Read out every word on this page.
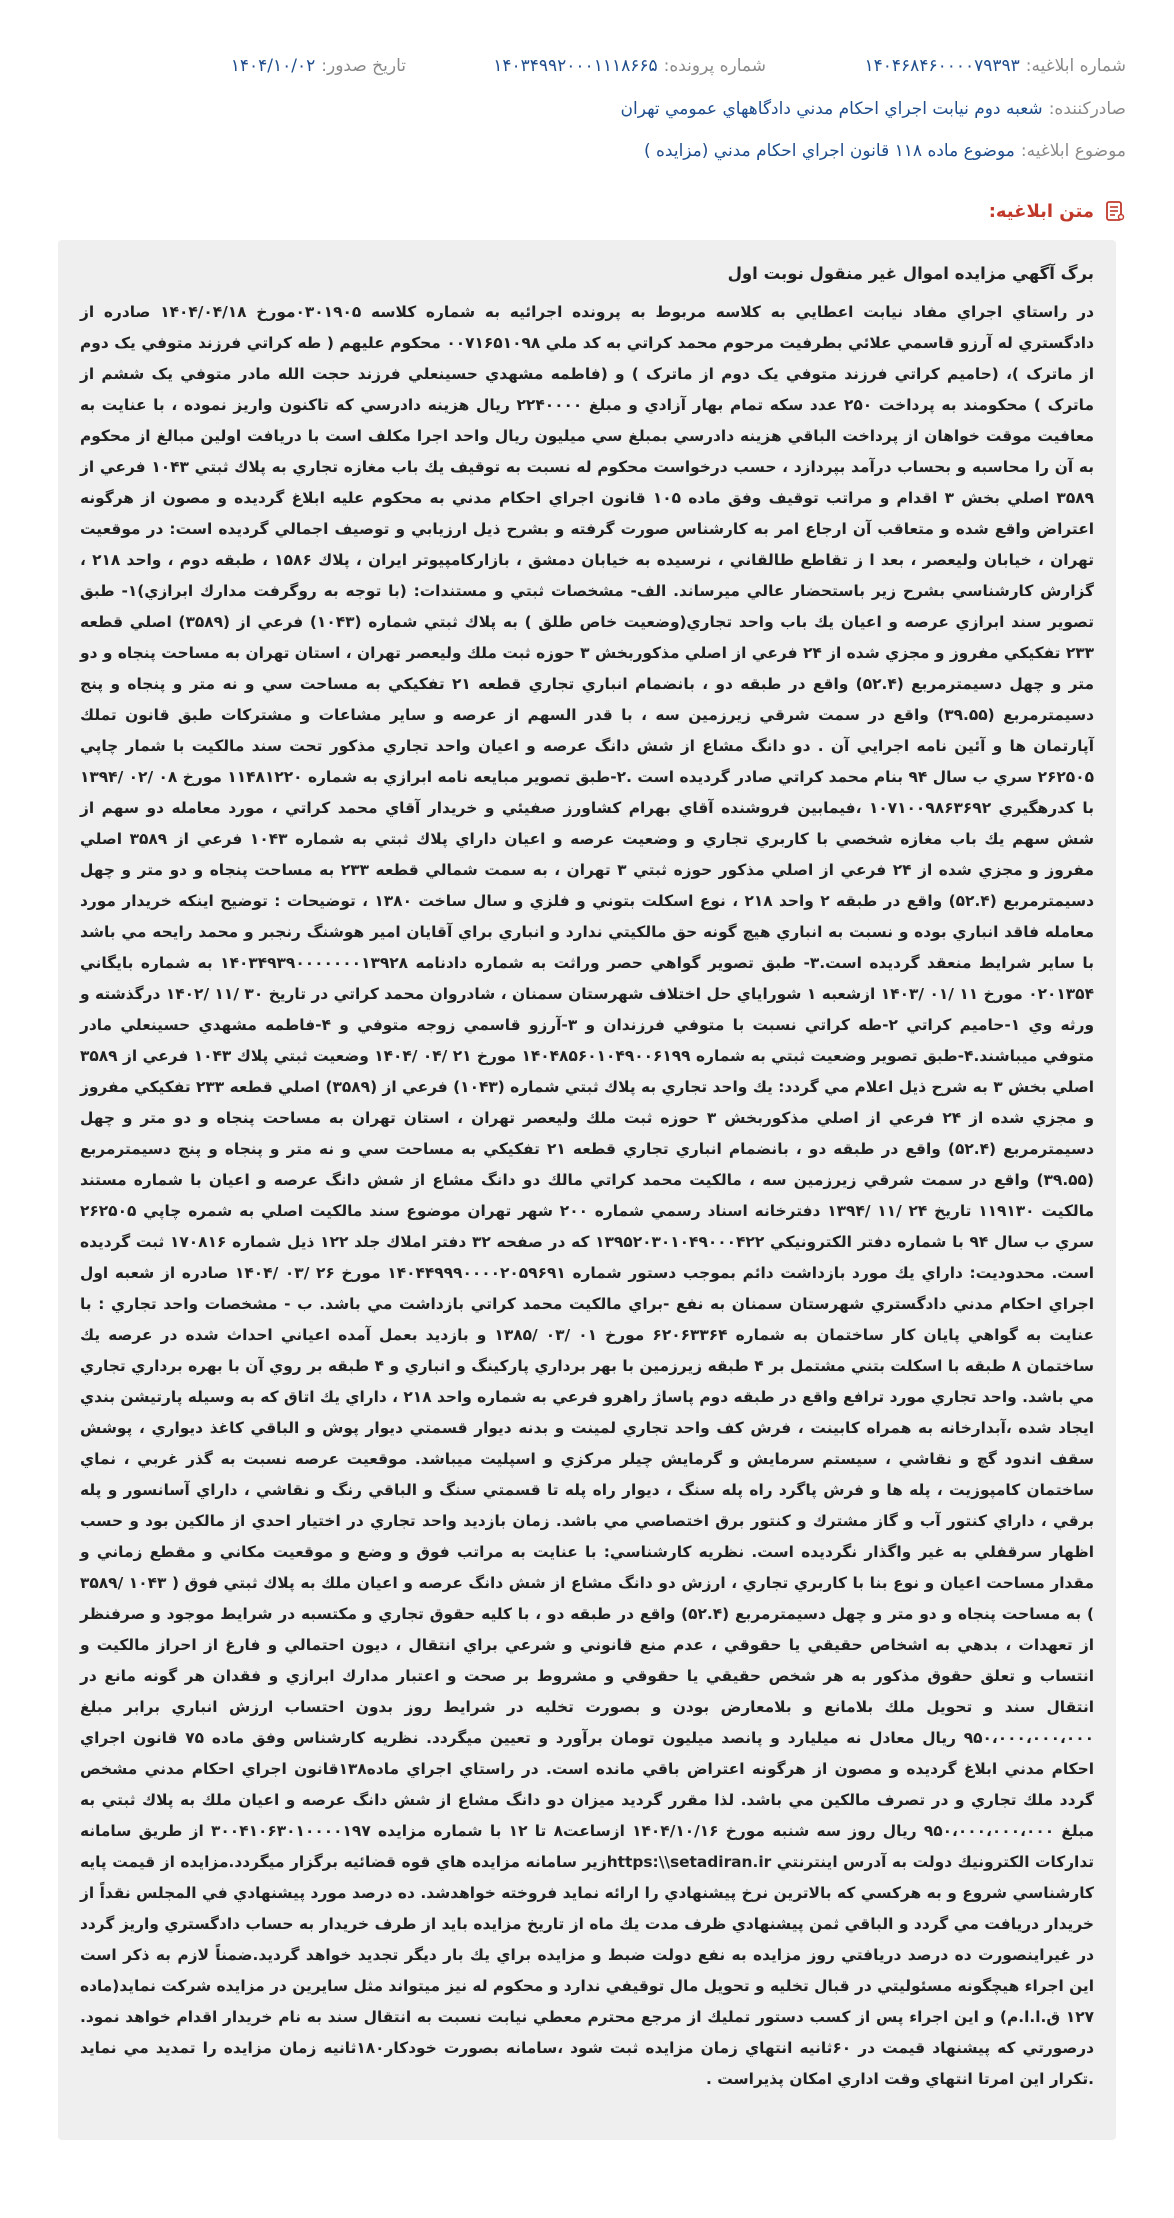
شماره ابلاغيه:
۱۴۰۴۶۸۴۶۰۰۰۰۷۹۳۹۳
شماره پرونده:
۱۴۰۳۴۹۹۲۰۰۰۱۱۱۸۶۶۵
تاريخ صدور:
۱۴۰۴/۱۰/۰۲
صادركننده:
شعبه دوم نيابت اجراي احكام مدني دادگاههاي عمومي تهران
موضوع ابلاغيه:
موضوع ماده ۱۱۸ قانون اجراي احكام مدني (مزايده )
متن ابلاغيه:
برگ آگهي مزايده اموال غير منقول نوبت اول
در راستاي اجراي مفاد نيابت اعطايي به كلاسه مربوط به پرونده اجرائيه به شماره كلاسه ۰۳۰۱۹۰۵مورخ ۱۴۰۴/۰۴/۱۸ صادره از دادگستري له آرزو قاسمي علائي بطرفيت مرحوم محمد كراتي به كد ملي ۰۰۷۱۶۵۱۰۹۸ محكوم عليهم ( طه كراتي فرزند متوفي يک دوم از ماترک )، (حاميم كراتي فرزند متوفي يک دوم از ماترک ) و (فاطمه مشهدي حسينعلي فرزند حجت الله مادر متوفي يک ششم از ماترک ) محكومند به پرداخت ۲۵۰ عدد سكه تمام بهار آزادي و مبلغ ۲۲۴۰۰۰۰ ريال هزينه دادرسي كه تاكنون واريز نموده ، با عنايت به معافيت موقت خواهان از پرداخت الباقي هزينه دادرسي بمبلغ سي ميليون ريال واحد اجرا مكلف است با دريافت اولين مبالغ از محكوم به آن را محاسبه و بحساب درآمد بپردازد ، حسب درخواست محكوم له نسبت به توقيف يك باب مغازه تجاري به پلاك ثبتي ۱۰۴۳ فرعي از ۳۵۸۹ اصلي بخش ۳ اقدام و مراتب توقيف وفق ماده ۱۰۵ قانون اجراي احكام مدني به محكوم عليه ابلاغ گرديده و مصون از هرگونه اعتراض واقع شده و متعاقب آن ارجاع امر به كارشناس صورت گرفته و بشرح ذيل ارزيابي و توصيف اجمالي گرديده است: در موقعيت تهران ، خيابان وليعصر ، بعد ا ز تقاطع طالقاني ، نرسيده به خيابان دمشق ، بازاركامپيوتر ايران ، پلاك ۱۵۸۶ ، طبقه دوم ، واحد ۲۱۸ ، گزارش كارشناسي بشرح زير باستحضار عالي ميرساند. الف- مشخصات ثبتي و مستندات: (با توجه به روگرفت مدارك ابرازي)۱- طبق تصوير سند ابرازي عرصه و اعيان يك باب واحد تجاري(وضعيت خاص طلق ) به پلاك ثبتي شماره (۱۰۴۳) فرعي از (۳۵۸۹) اصلي قطعه ۲۳۳ تفكيكي مفروز و مجزي شده از ۲۴ فرعي از اصلي مذكوربخش ۳ حوزه ثبت ملك وليعصر تهران ، استان تهران به مساحت پنجاه و دو متر و چهل دسيمترمربع (۵۲.۴) واقع در طبقه دو ، بانضمام انباري تجاري قطعه ۲۱ تفكيكي به مساحت سي و نه متر و پنجاه و پنج دسيمترمربع (۳۹.۵۵) واقع در سمت شرقي زيرزمين سه ، با قدر السهم از عرصه و ساير مشاعات و مشتركات طبق قانون تملك آپارتمان ها و آئين نامه اجرايي آن . دو دانگ مشاع از شش دانگ عرصه و اعيان واحد تجاري مذكور تحت سند مالكيت با شمار چاپي ۲۶۲۵۰۵ سري ب سال ۹۴ بنام محمد كراتي صادر گرديده است .۲-طبق تصوير مبايعه نامه ابرازي به شماره ۱۱۴۸۱۲۲۰ مورخ ۰۸ /۰۲ /۱۳۹۴ با كدرهگيري ۱۰۷۱۰۰۹۸۶۳۶۹۲ ،فيمابين فروشنده آقاي بهرام كشاورز صفيئي و خريدار آقاي محمد كراتي ، مورد معامله دو سهم از شش سهم يك باب مغازه شخصي با كاربري تجاري و وضعيت عرصه و اعيان داراي پلاك ثبتي به شماره ۱۰۴۳ فرعي از ۳۵۸۹ اصلي مفروز و مجزي شده از ۲۴ فرعي از اصلي مذكور حوزه ثبتي ۳ تهران ، به سمت شمالي قطعه ۲۳۳ به مساحت پنجاه و دو متر و چهل دسيمترمربع (۵۲.۴) واقع در طبقه ۲ واحد ۲۱۸ ، نوع اسكلت بتوني و فلزي و سال ساخت ۱۳۸۰ ، توضيحات : توضيح اينكه خريدار مورد معامله فاقد انباري بوده و نسبت به انباري هيچ گونه حق مالكيتي ندارد و انباري براي آقايان امير هوشنگ رنجبر و محمد رايحه مي باشد با ساير شرايط منعقد گرديده است.۳- طبق تصوير گواهي حصر وراثت به شماره دادنامه ۱۴۰۳۴۹۳۹۰۰۰۰۰۰۰۱۳۹۲۸ به شماره بايگاني ۰۲۰۱۳۵۴ مورخ ۱۱ /۰۱ /۱۴۰۳ ازشعبه ۱ شوراياي حل اختلاف شهرستان سمنان ، شادروان محمد كراتي در تاريخ ۳۰ /۱۱ /۱۴۰۲ درگذشته و ورثه وي ۱-حاميم كراتي ۲-طه كراتي نسبت با متوفي فرزندان و ۳-آرزو قاسمي زوجه متوفي و ۴-فاطمه مشهدي حسينعلي مادر متوفي ميباشند.۴-طبق تصوير وضعيت ثبتي به شماره ۱۴۰۴۸۵۶۰۱۰۴۹۰۰۶۱۹۹ مورخ ۲۱ /۰۴ /۱۴۰۴ وضعيت ثبتي پلاك ۱۰۴۳ فرعي از ۳۵۸۹ اصلي بخش ۳ به شرح ذيل اعلام مي گردد: يك واحد تجاري به پلاك ثبتي شماره (۱۰۴۳) فرعي از (۳۵۸۹) اصلي قطعه ۲۳۳ تفكيكي مفروز و مجزي شده از ۲۴ فرعي از اصلي مذكوربخش ۳ حوزه ثبت ملك وليعصر تهران ، استان تهران به مساحت پنجاه و دو متر و چهل دسيمترمربع (۵۲.۴) واقع در طبقه دو ، بانضمام انباري تجاري قطعه ۲۱ تفكيكي به مساحت سي و نه متر و پنجاه و پنج دسيمترمربع (۳۹.۵۵) واقع در سمت شرقي زيرزمين سه ، مالكيت محمد كراتي مالك دو دانگ مشاع از شش دانگ عرصه و اعيان با شماره مستند مالكيت ۱۱۹۱۳۰ تاريخ ۲۴ /۱۱ /۱۳۹۴ دفترخانه اسناد رسمي شماره ۲۰۰ شهر تهران موضوع سند مالكيت اصلي به شمره چاپي ۲۶۲۵۰۵ سري ب سال ۹۴ با شماره دفتر الكترونيكي ۱۳۹۵۲۰۳۰۱۰۴۹۰۰۰۴۲۲ كه در صفحه ۳۲ دفتر املاك جلد ۱۲۲ ذيل شماره ۱۷۰۸۱۶ ثبت گرديده است. محدوديت: داراي يك مورد بازداشت دائم بموجب دستور شماره ۱۴۰۴۴۹۹۹۰۰۰۰۲۰۵۹۶۹۱ مورخ ۲۶ /۰۳ /۱۴۰۴ صادره از شعبه اول اجراي احكام مدني دادگستري شهرستان سمنان به نفع -براي مالكيت محمد كراتي بازداشت مي باشد. ب - مشخصات واحد تجاري : با عنايت به گواهي پايان كار ساختمان به شماره ۶۲۰۶۳۳۶۴ مورخ ۰۱ /۰۳ /۱۳۸۵ و بازديد بعمل آمده اعياني احداث شده در عرصه يك ساختمان ۸ طبقه با اسكلت بتني مشتمل بر ۴ طبقه زيرزمين با بهر برداري پاركينگ و انباري و ۴ طبقه بر روي آن با بهره برداري تجاري مي باشد. واحد تجاري مورد ترافع واقع در طبقه دوم پاساژ راهرو فرعي به شماره واحد ۲۱۸ ، داراي يك اتاق كه به وسيله پارتيشن بندي ايجاد شده ،آبدارخانه به همراه كابينت ، فرش كف واحد تجاري لمينت و بدنه ديوار قسمتي ديوار پوش و الباقي كاغذ ديواري ، پوشش سقف اندود گچ و نقاشي ، سيستم سرمايش و گرمايش چيلر مركزي و اسپليت ميباشد. موقعيت عرصه نسبت به گذر غربي ، نماي ساختمان كامپوزيت ، پله ها و فرش پاگرد راه پله سنگ ، ديوار راه پله تا قسمتي سنگ و الباقي رنگ و نقاشي ، داراي آسانسور و پله برقي ، داراي كنتور آب و گاز مشترك و كنتور برق اختصاصي مي باشد. زمان بازديد واحد تجاري در اختيار احدي از مالكين بود و حسب اظهار سرقفلي به غير واگذار نگرديده است. نظريه كارشناسي: با عنايت به مراتب فوق و وضع و موقعيت مكاني و مقطع زماني و مقدار مساحت اعيان و نوع بنا با كاربري تجاري ، ارزش دو دانگ مشاع از شش دانگ عرصه و اعيان ملك به پلاك ثبتي فوق ( ۱۰۴۳ /۳۵۸۹ ) به مساحت پنجاه و دو متر و چهل دسيمترمربع (۵۲.۴) واقع در طبقه دو ، با كليه حقوق تجاري و مكتسبه در شرايط موجود و صرفنظر از تعهدات ، بدهي به اشخاص حقيقي يا حقوقي ، عدم منع قانوني و شرعي براي انتقال ، ديون احتمالي و فارغ از احراز مالكيت و انتساب و تعلق حقوق مذكور به هر شخص حقيقي يا حقوقي و مشروط بر صحت و اعتبار مدارك ابرازي و فقدان هر گونه مانع در انتقال سند و تحويل ملك بلامانع و بلامعارض بودن و بصورت تخليه در شرايط روز بدون احتساب ارزش انباري برابر مبلغ ۹۵۰،۰۰۰،۰۰۰،۰۰۰ ريال معادل نه ميليارد و پانصد ميليون تومان برآورد و تعيين ميگردد. نظريه كارشناس وفق ماده ۷۵ قانون اجراي احكام مدني ابلاغ گرديده و مصون از هرگونه اعتراض باقي مانده است. در راستاي اجراي ماده۱۳۸قانون اجراي احكام مدني مشخص گردد ملك تجاري و در تصرف مالكين مي باشد. لذا مقرر گرديد ميزان دو دانگ مشاع از شش دانگ عرصه و اعيان ملك به پلاك ثبتي به مبلغ ۹۵۰،۰۰۰،۰۰۰،۰۰۰ ريال روز سه شنبه مورخ ۱۴۰۴/۱۰/۱۶ ازساعت۸ تا ۱۲ با شماره مزايده ۳۰۰۴۱۰۶۳۰۱۰۰۰۰۱۹۷ از طريق سامانه تداركات الكترونيك دولت به آدرس اينترنتي https:\\setadiran.irزير سامانه مزايده هاي قوه قضائيه برگزار ميگردد.مزايده از قيمت پايه كارشناسي شروع و به هركسي كه بالاترين نرخ پيشنهادي را ارائه نمايد فروخته خواهدشد. ده درصد مورد پيشنهادي في المجلس نقداً از خريدار دريافت مي گردد و الباقي ثمن پيشنهادي ظرف مدت يك ماه از تاريخ مزايده بايد از طرف خريدار به حساب دادگستري واريز گردد در غيراينصورت ده درصد دريافتي روز مزايده به نفع دولت ضبط و مزايده براي يك بار ديگر تجديد خواهد گرديد.ضمناً لازم به ذكر است اين اجراء هيچگونه مسئوليتي در قبال تخليه و تحويل مال توقيفي ندارد و محكوم له نيز ميتواند مثل سايرين در مزايده شركت نمايد(ماده ۱۲۷ ق.ا.ا.م) و اين اجراء پس از كسب دستور تمليك از مرجع محترم معطي نيابت نسبت به انتقال سند به نام خريدار اقدام خواهد نمود. درصورتي كه پيشنهاد قيمت در ۶۰ثانيه انتهاي زمان مزايده ثبت شود ،سامانه بصورت خودكار۱۸۰ثانيه زمان مزايده را تمديد مي نمايد .تكرار اين امرتا انتهاي وقت اداري امكان پذيراست .
